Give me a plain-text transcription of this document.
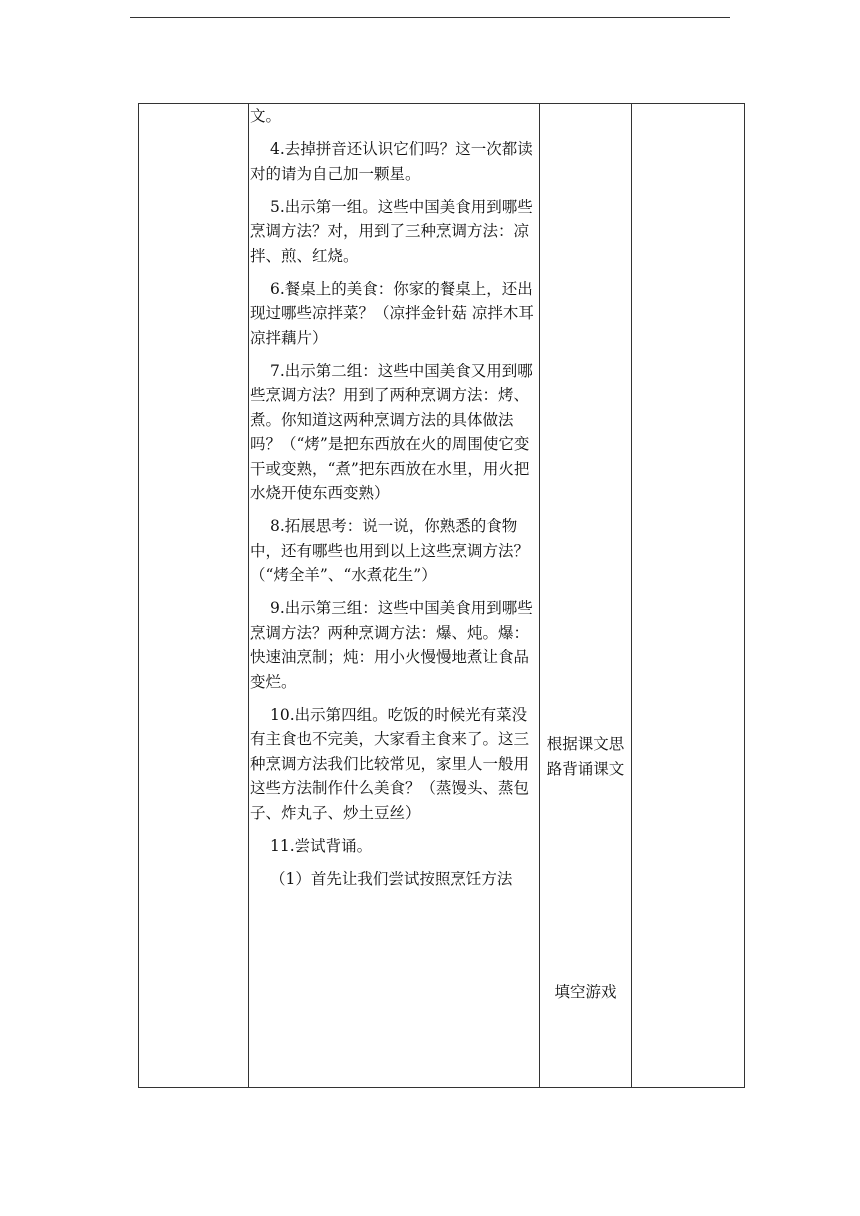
文。

4.去掉拼音还认识它们吗？这一次都读对的请为自己加一颗星。

5.出示第一组。这些中国美食用到哪些烹调方法？对，用到了三种烹调方法：凉拌、煎、红烧。

6.餐桌上的美食：你家的餐桌上，还出现过哪些凉拌菜？（凉拌金针菇 凉拌木耳　凉拌藕片）

7.出示第二组：这些中国美食又用到哪些烹调方法？用到了两种烹调方法：烤、煮。你知道这两种烹调方法的具体做法吗？（“烤”是把东西放在火的周围使它变干或变熟，“煮”把东西放在水里，用火把水烧开使东西变熟）

8.拓展思考：说一说，你熟悉的食物中，还有哪些也用到以上这些烹调方法？（“烤全羊”、“水煮花生”）

9.出示第三组：这些中国美食用到哪些烹调方法？两种烹调方法：爆、炖。爆：快速油烹制；炖：用小火慢慢地煮让食品变烂。

10.出示第四组。吃饭的时候光有菜没有主食也不完美，大家看主食来了。这三种烹调方法我们比较常见，家里人一般用这些方法制作什么美食？（蒸馒头、蒸包子、炸丸子、炒土豆丝）

11.尝试背诵。

（1）首先让我们尝试按照烹饪方法

根据课文思路背诵课文
填空游戏
